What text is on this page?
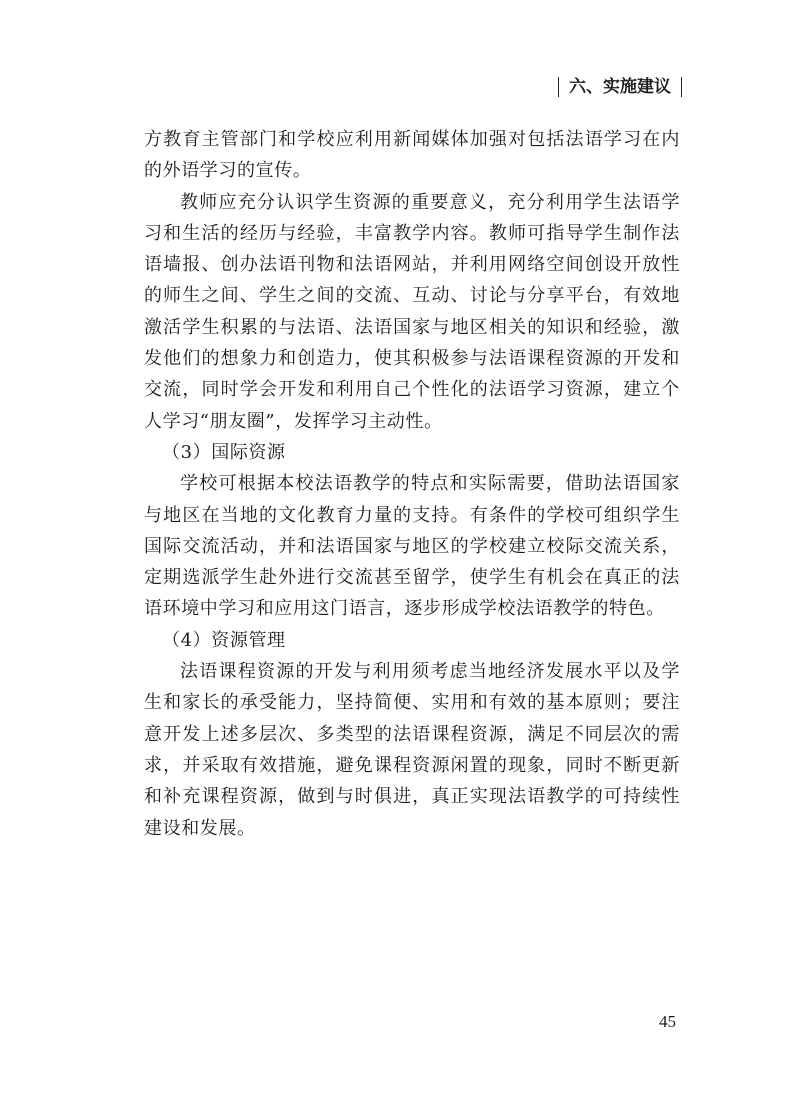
六、实施建议

方教育主管部门和学校应利用新闻媒体加强对包括法语学习在内的外语学习的宣传。

教师应充分认识学生资源的重要意义，充分利用学生法语学习和生活的经历与经验，丰富教学内容。教师可指导学生制作法语墙报、创办法语刊物和法语网站，并利用网络空间创设开放性的师生之间、学生之间的交流、互动、讨论与分享平台，有效地激活学生积累的与法语、法语国家与地区相关的知识和经验，激发他们的想象力和创造力，使其积极参与法语课程资源的开发和交流，同时学会开发和利用自己个性化的法语学习资源，建立个人学习“朋友圈”，发挥学习主动性。

（3）国际资源

学校可根据本校法语教学的特点和实际需要，借助法语国家与地区在当地的文化教育力量的支持。有条件的学校可组织学生国际交流活动，并和法语国家与地区的学校建立校际交流关系，定期选派学生赴外进行交流甚至留学，使学生有机会在真正的法语环境中学习和应用这门语言，逐步形成学校法语教学的特色。

（4）资源管理

法语课程资源的开发与利用须考虑当地经济发展水平以及学生和家长的承受能力，坚持简便、实用和有效的基本原则；要注意开发上述多层次、多类型的法语课程资源，满足不同层次的需求，并采取有效措施，避免课程资源闲置的现象，同时不断更新和补充课程资源，做到与时俱进，真正实现法语教学的可持续性建设和发展。

45
